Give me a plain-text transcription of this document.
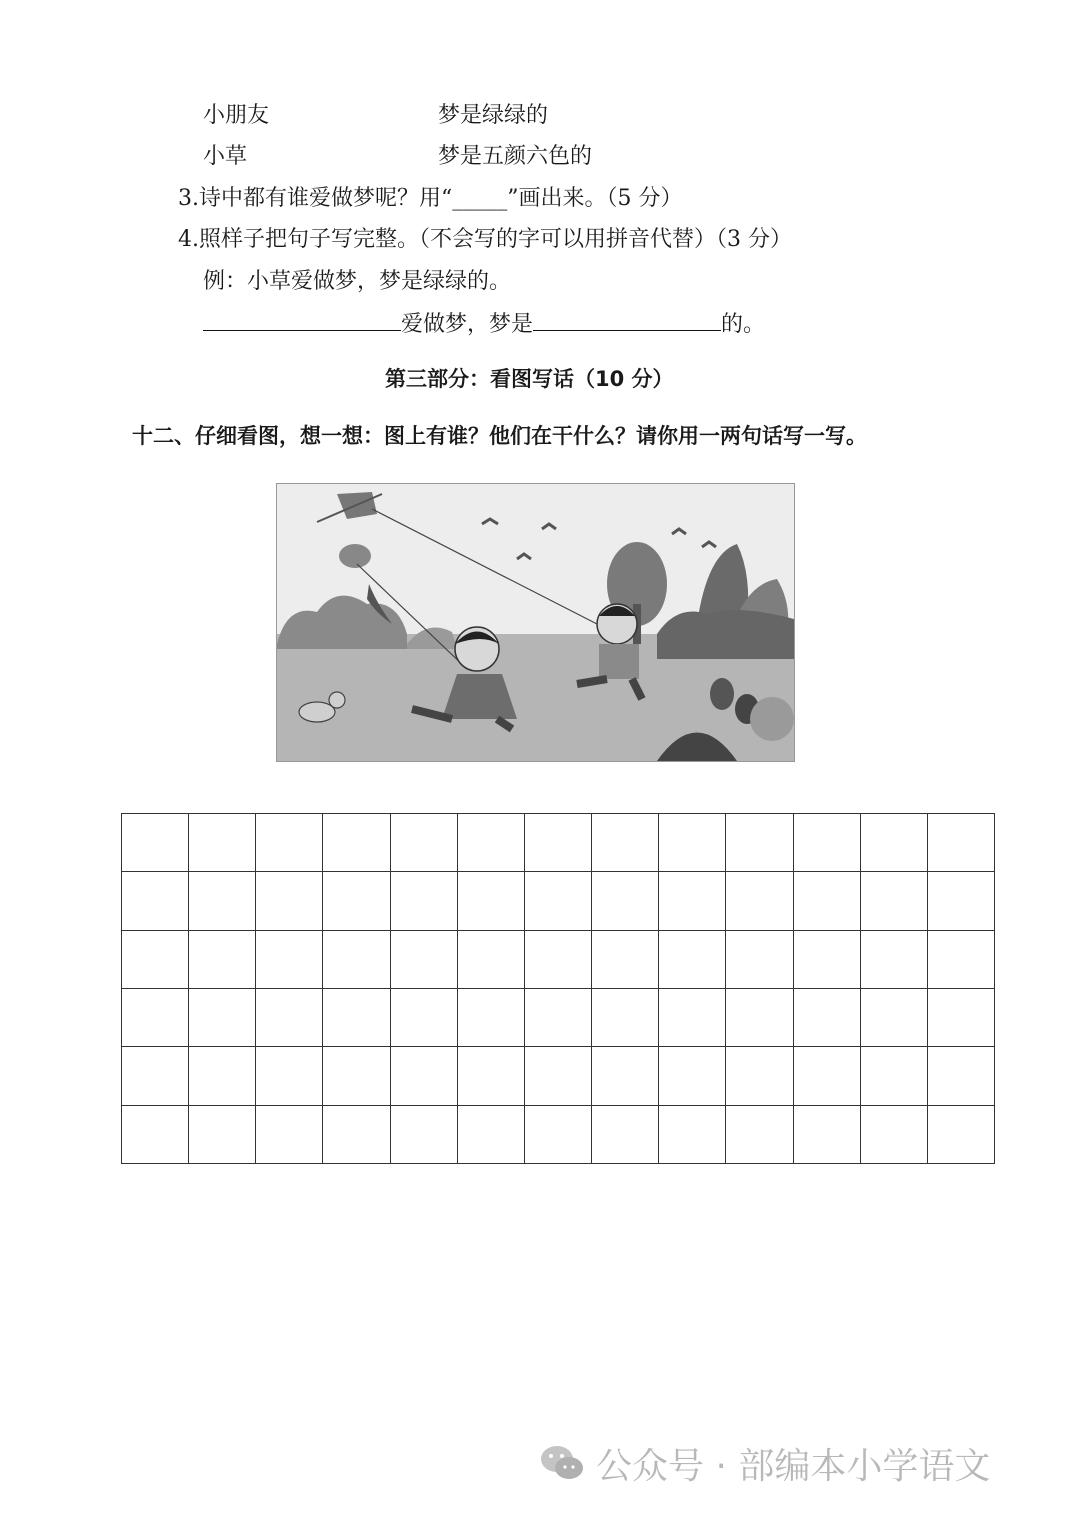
小朋友	梦是绿绿的
小草	梦是五颜六色的
3.诗中都有谁爱做梦呢？用“_____”画出来。（5 分）
4.照样子把句子写完整。（不会写的字可以用拼音代替）（3 分）
例：小草爱做梦，梦是绿绿的。
爱做梦，梦是	的。
第三部分：看图写话（10 分）
十二、仔细看图，想一想：图上有谁？他们在干什么？请你用一两句话写一写。
公众号 · 部编本小学语文
